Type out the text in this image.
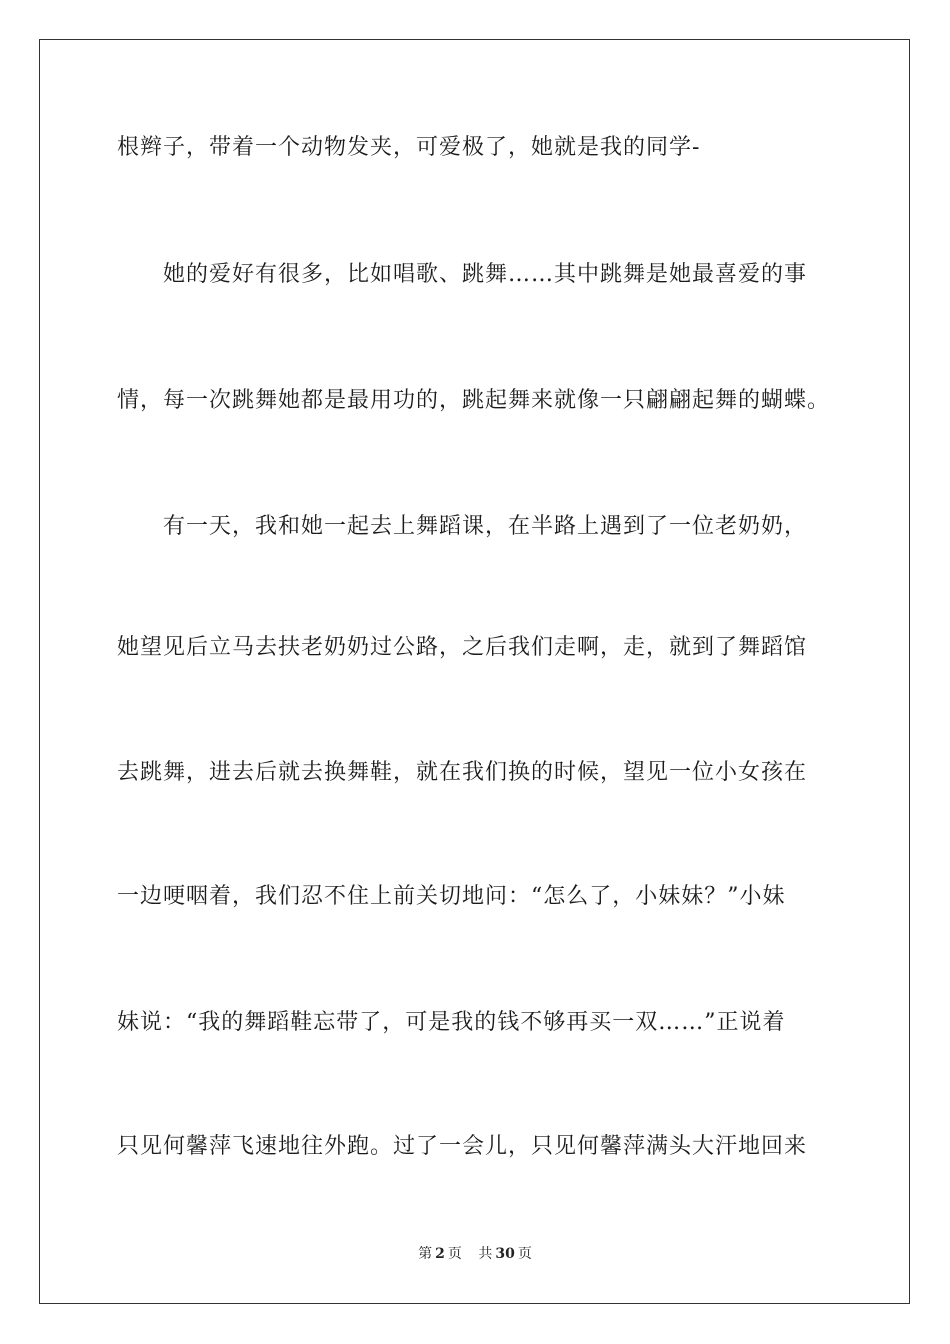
根辫子，带着一个动物发夹，可爱极了，她就是我的同学-
她的爱好有很多，比如唱歌、跳舞……其中跳舞是她最喜爱的事
情，每一次跳舞她都是最用功的，跳起舞来就像一只翩翩起舞的蝴蝶。
有一天，我和她一起去上舞蹈课，在半路上遇到了一位老奶奶，
她望见后立马去扶老奶奶过公路，之后我们走啊，走，就到了舞蹈馆
去跳舞，进去后就去换舞鞋，就在我们换的时候，望见一位小女孩在
一边哽咽着，我们忍不住上前关切地问：“怎么了，小妹妹？”小妹
妹说：“我的舞蹈鞋忘带了，可是我的钱不够再买一双……”正说着
只见何馨萍飞速地往外跑。过了一会儿，只见何馨萍满头大汗地回来
第 2 页 共 30 页
